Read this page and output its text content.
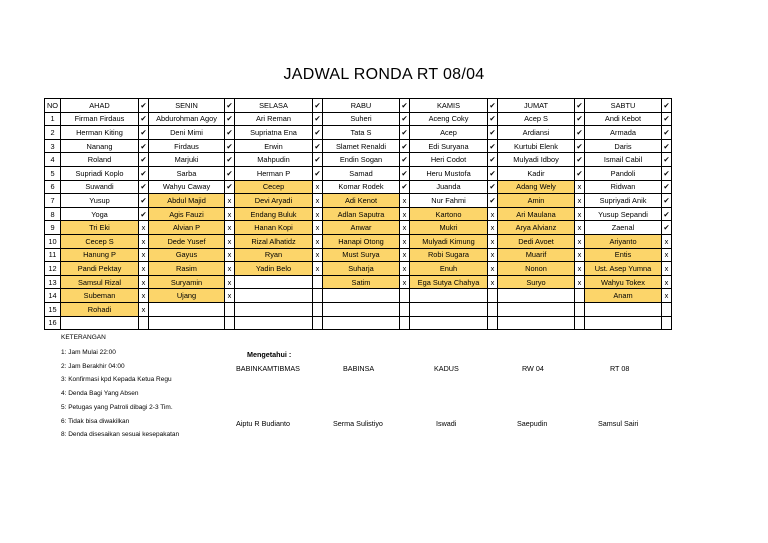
JADWAL RONDA RT 08/04
NO	AHAD	✔	SENIN	✔	SELASA	✔	RABU	✔	KAMIS	✔	JUMAT	✔	SABTU	✔
1	Firman Firdaus	✔	Abdurohman Agoy	✔	Ari Reman	✔	Suheri	✔	Aceng Coky	✔	Acep S	✔	Andi Kebot	✔
2	Herman Kiting	✔	Deni Mimi	✔	Supriatna Ena	✔	Tata S	✔	Acep	✔	Ardiansi	✔	Armada	✔
3	Nanang	✔	Firdaus	✔	Erwin	✔	Slamet Renaldi	✔	Edi Suryana	✔	Kurtubi Elenk	✔	Daris	✔
4	Roland	✔	Marjuki	✔	Mahpudin	✔	Endin Sogan	✔	Heri Codot	✔	Mulyadi Idboy	✔	Ismail Cabil	✔
5	Supriadi Koplo	✔	Sarba	✔	Herman P	✔	Samad	✔	Heru Mustofa	✔	Kadir	✔	Pandoli	✔
6	Suwandi	✔	Wahyu Caway	✔	Cecep	x	Komar Rodek	✔	Juanda	✔	Adang Wely	x	Ridwan	✔
7	Yusup	✔	Abdul Majid	x	Devi Aryadi	x	Adi Kenot	x	Nur Fahmi	✔	Amin	x	Supriyadi Anik	✔
8	Yoga	✔	Agis Fauzi	x	Endang Buluk	x	Adlan Saputra	x	Kartono	x	Ari Maulana	x	Yusup Sepandi	✔
9	Tri Eki	x	Alvian P	x	Hanan Kopi	x	Anwar	x	Mukri	x	Arya Alvianz	x	Zaenal	✔
10	Cecep S	x	Dede Yusef	x	Rizal Alhatidz	x	Hanapi Otong	x	Mulyadi Kimung	x	Dedi Avoet	x	Ariyanto	x
11	Hanung P	x	Gayus	x	Ryan	x	Must Surya	x	Robi Sugara	x	Muarif	x	Entis	x
12	Pandi Pektay	x	Rasim	x	Yadin Belo	x	Suharja	x	Enuh	x	Nonon	x	Ust. Asep Yumna	x
13	Samsul Rizal	x	Suryamin	x			Satim	x	Ega Sutya Chahya	x	Suryo	x	Wahyu Tokex	x
14	Subeman	x	Ujang	x									Anam	x
15	Rohadi	x												
16														
KETERANGAN
1: Jam Mulai 22:00
2: Jam Berakhir 04:00
3: Konfirmasi kpd Kepada Ketua Regu
4: Denda Bagi Yang Absen
5: Petugas yang Patroli dibagi 2-3 Tim.
6: Tidak bisa diwakilkan
8: Denda disesaikan sesuai kesepakatan
Mengetahui :
BABINKAMTIBMAS	BABINSA	KADUS	RW 04	RT 08
Aiptu R Budianto	Serma Sulistiyo	Iswadi	Saepudin	Samsul Sairi
